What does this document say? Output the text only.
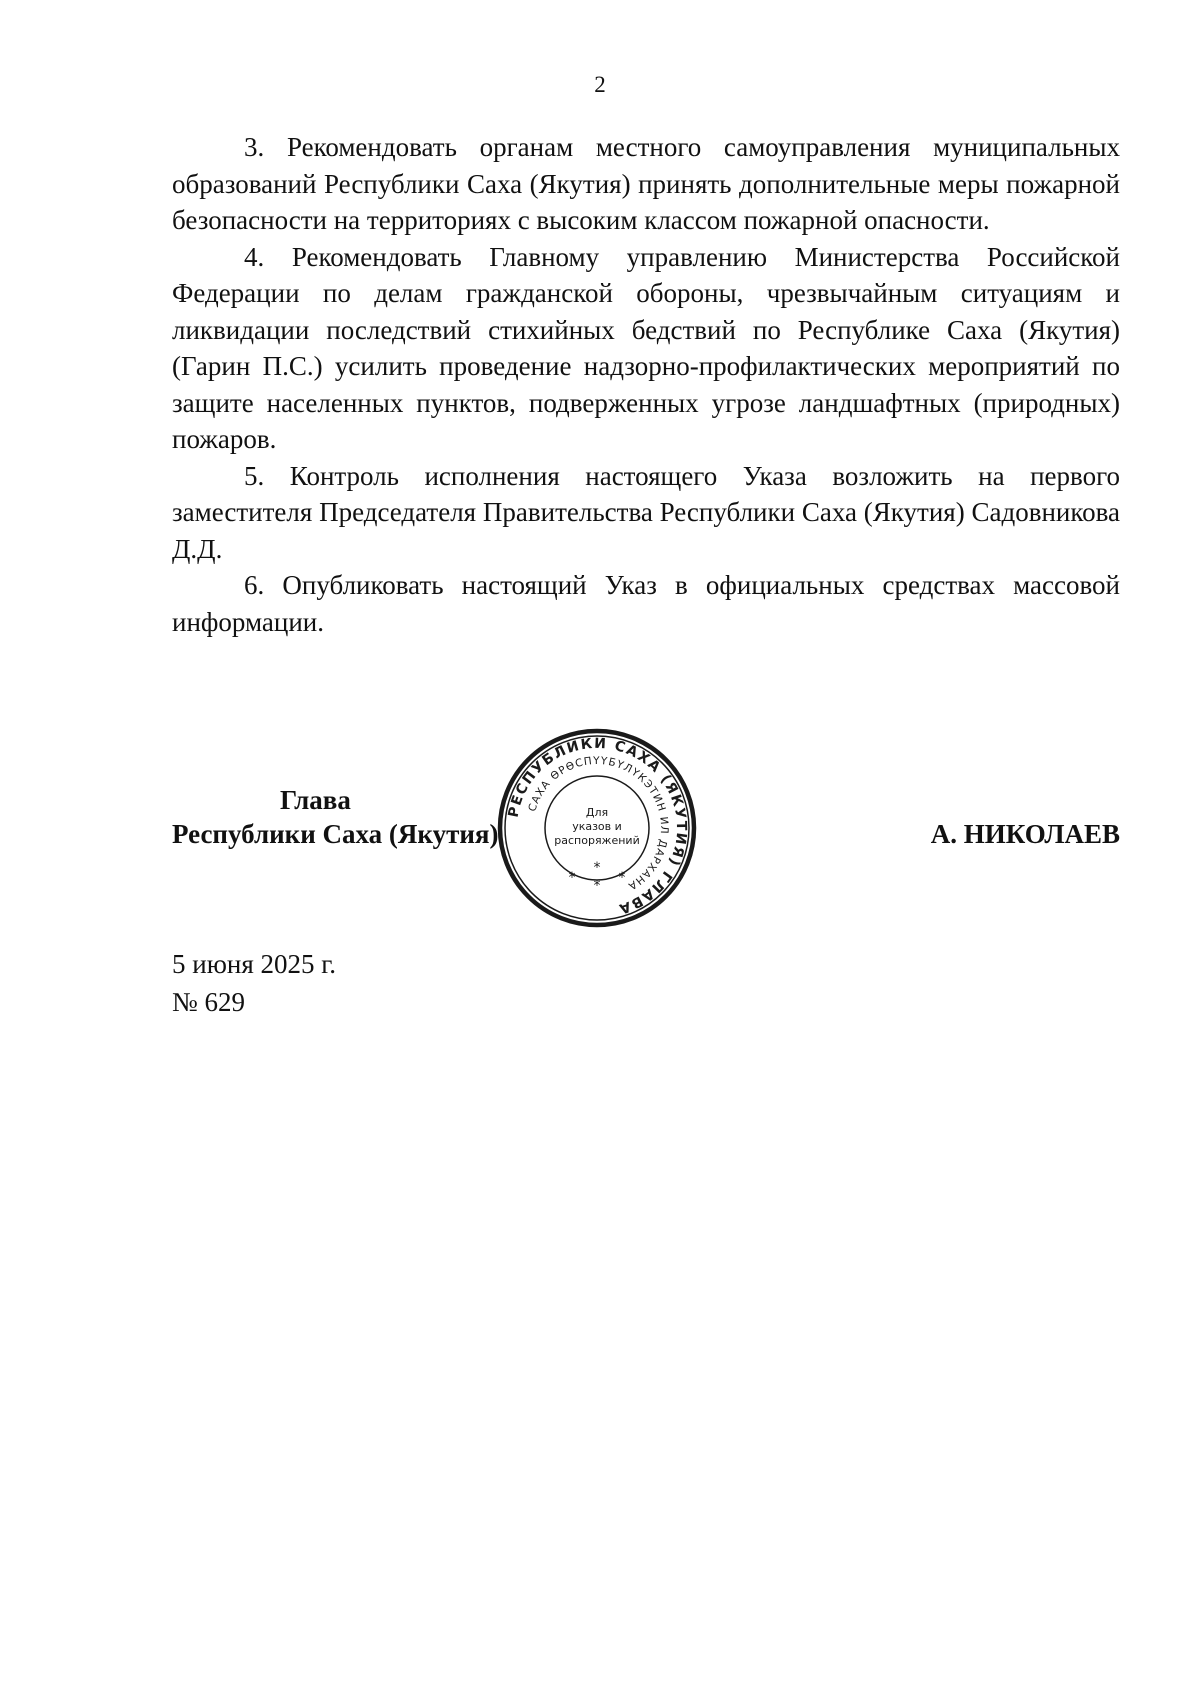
2

3. Рекомендовать органам местного самоуправления муниципальных образований Республики Саха (Якутия) принять дополнительные меры пожарной безопасности на территориях с высоким классом пожарной опасности.

4. Рекомендовать Главному управлению Министерства Российской Федерации по делам гражданской обороны, чрезвычайным ситуациям и ликвидации последствий стихийных бедствий по Республике Саха (Якутия) (Гарин П.С.) усилить проведение надзорно-профилактических мероприятий по защите населенных пунктов, подверженных угрозе ландшафтных (природных) пожаров.

5. Контроль исполнения настоящего Указа возложить на первого заместителя Председателя Правительства Республики Саха (Якутия) Садовникова Д.Д.

6. Опубликовать настоящий Указ в официальных средствах массовой информации.

Глава
Республики Саха (Якутия)	А. НИКОЛАЕВ
РЕСПУБЛИКИ САХА (ЯКУТИЯ) ГЛАВА
САХА ӨРӨСПҮҮБҮЛҮКЭТИН ИЛ ДАРХАНА
Для
указов и
распоряжений
*
*
*
*
5 июня 2025 г.
№ 629
